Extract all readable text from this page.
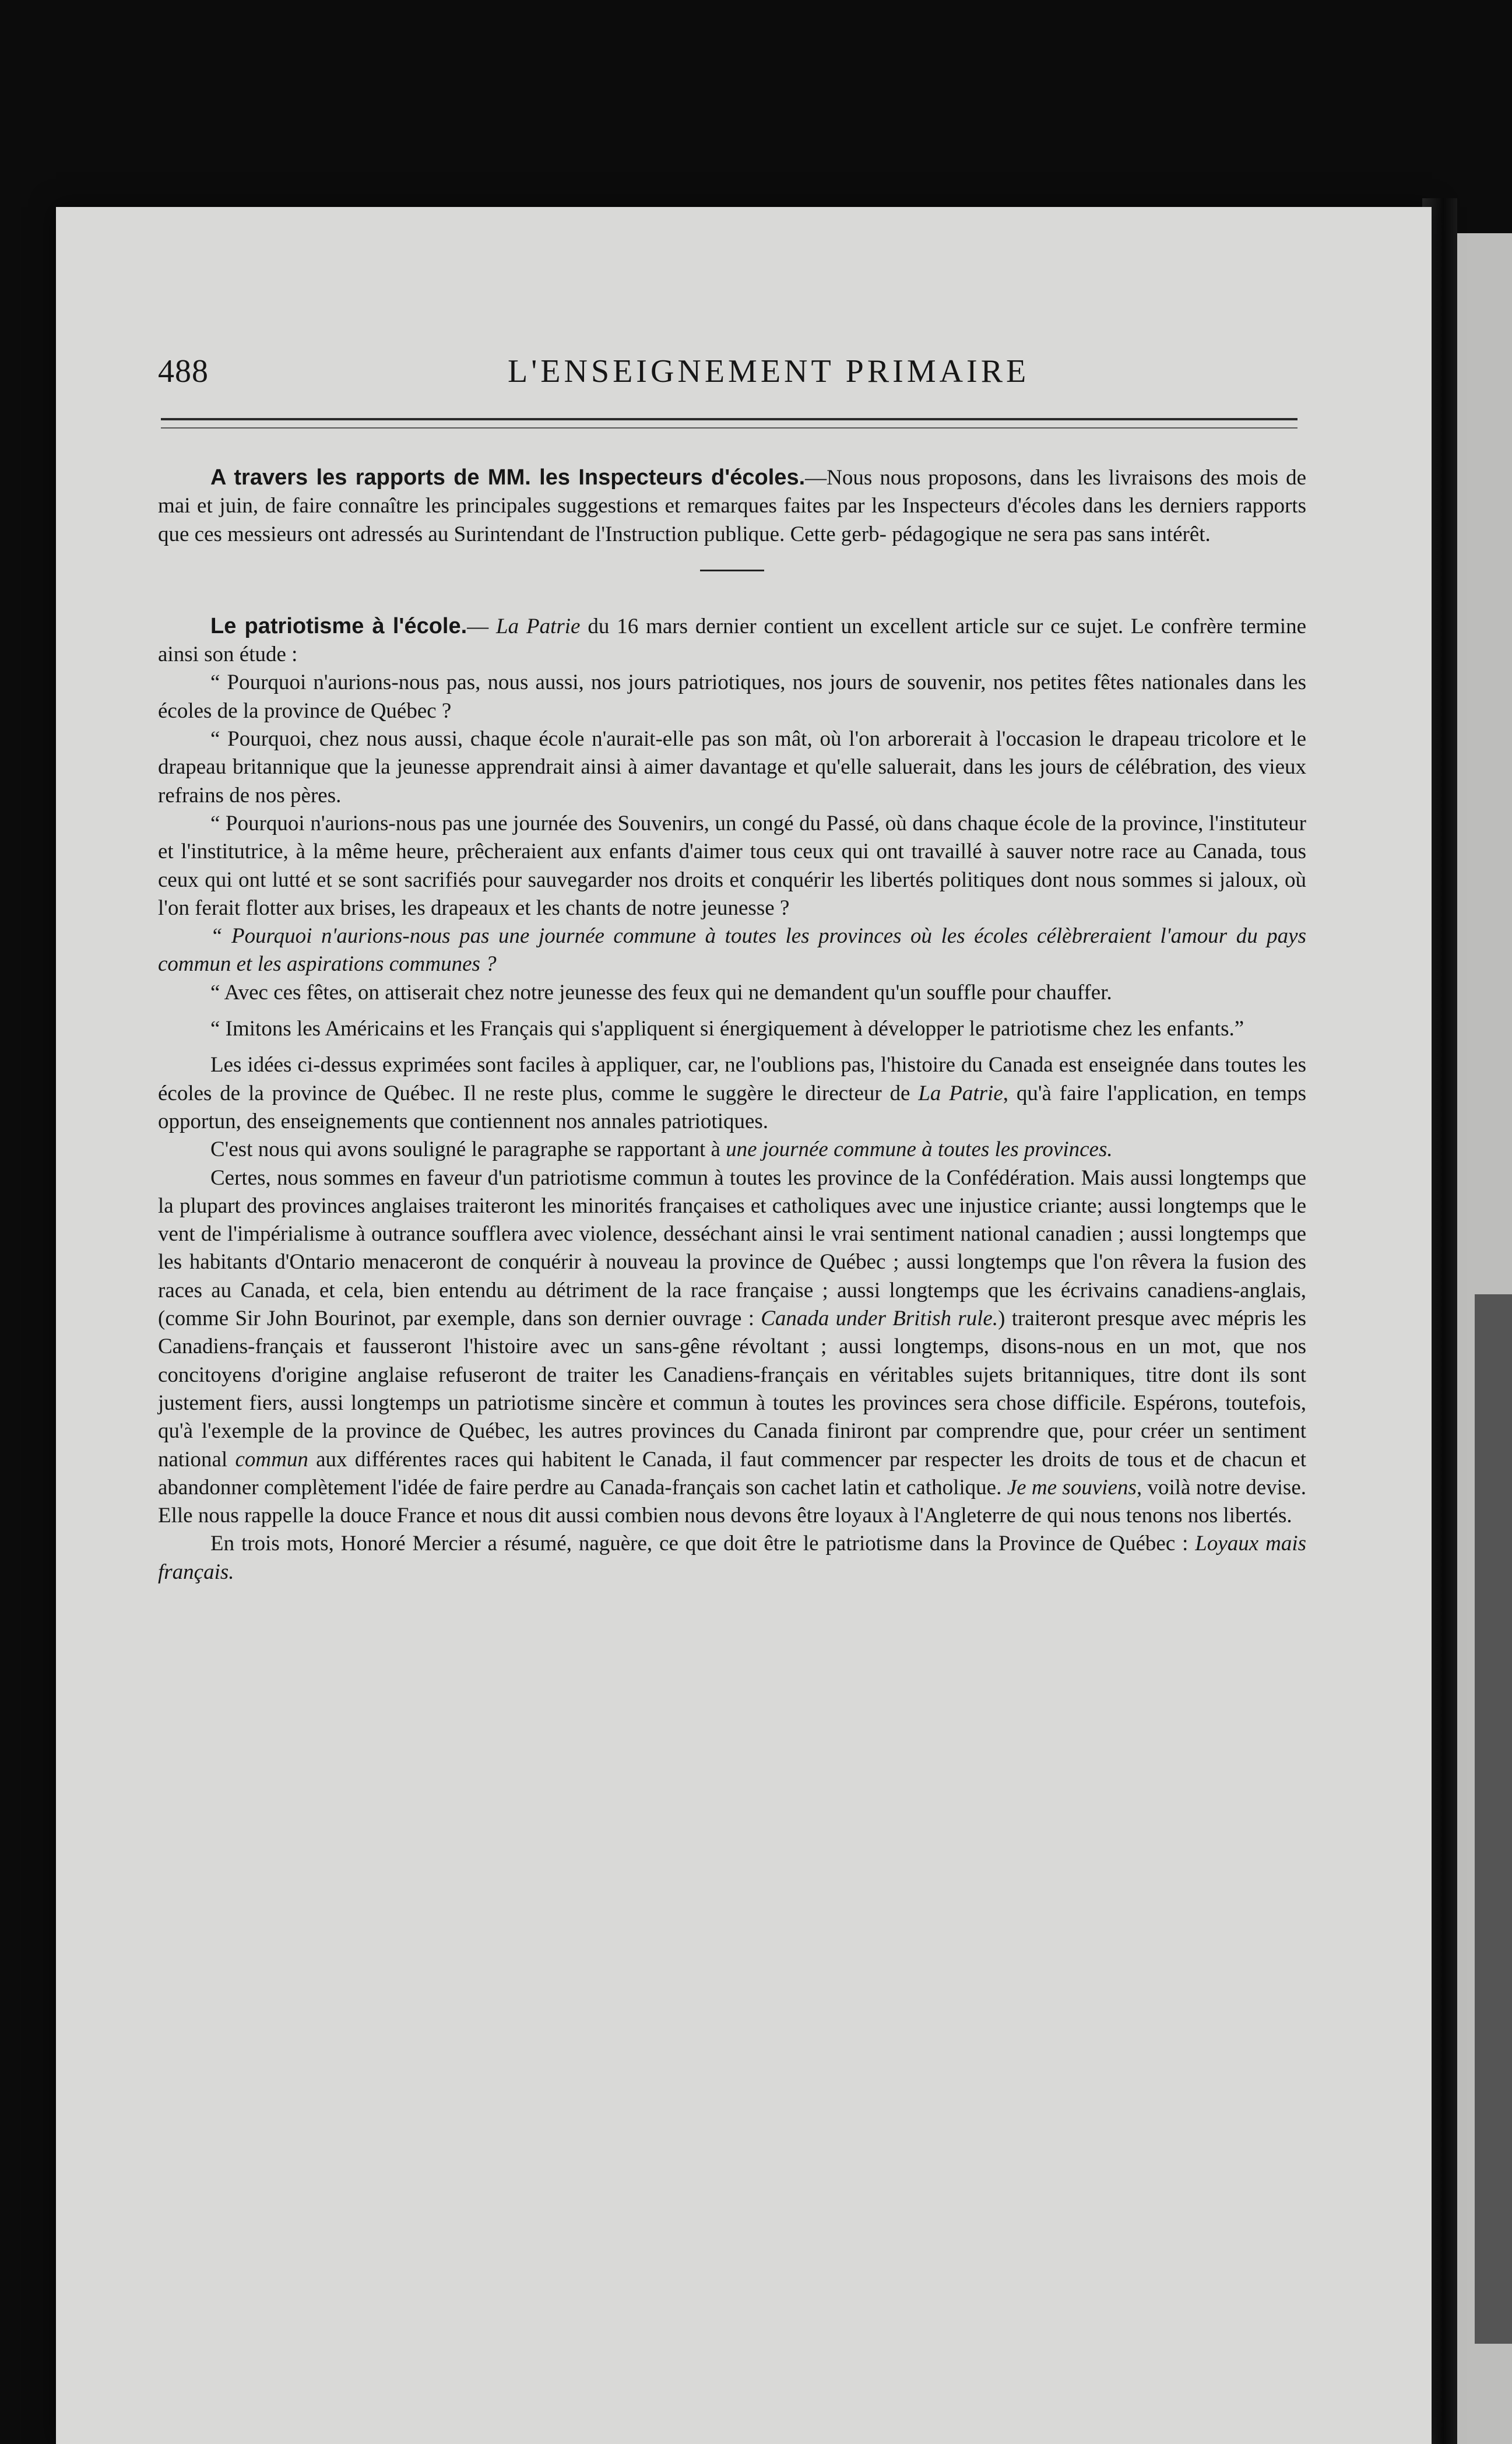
488	L'ENSEIGNEMENT PRIMAIRE

A travers les rapports de MM. les Inspecteurs d'écoles.—Nous nous proposons, dans les livraisons des mois de mai et juin, de faire connaître les principales suggestions et remarques faites par les Inspecteurs d'écoles dans les derniers rapports que ces messieurs ont adressés au Surintendant de l'Instruction publique. Cette gerb- pédagogique ne sera pas sans intérêt.

Le patriotisme à l'école.— La Patrie du 16 mars dernier contient un excellent article sur ce sujet. Le confrère termine ainsi son étude :

“ Pourquoi n'aurions-nous pas, nous aussi, nos jours patriotiques, nos jours de souvenir, nos petites fêtes nationales dans les écoles de la province de Québec ?

“ Pourquoi, chez nous aussi, chaque école n'aurait-elle pas son mât, où l'on arborerait à l'occasion le drapeau tricolore et le drapeau britannique que la jeunesse apprendrait ainsi à aimer davantage et qu'elle saluerait, dans les jours de célébration, des vieux refrains de nos pères.

“ Pourquoi n'aurions-nous pas une journée des Souvenirs, un congé du Passé, où dans chaque école de la province, l'instituteur et l'institutrice, à la même heure, prêcheraient aux enfants d'aimer tous ceux qui ont travaillé à sauver notre race au Canada, tous ceux qui ont lutté et se sont sacrifiés pour sauvegarder nos droits et conquérir les libertés politiques dont nous sommes si jaloux, où l'on ferait flotter aux brises, les drapeaux et les chants de notre jeunesse ?

“ Pourquoi n'aurions-nous pas une journée commune à toutes les provinces où les écoles célèbreraient l'amour du pays commun et les aspirations communes ?

“ Avec ces fêtes, on attiserait chez notre jeunesse des feux qui ne demandent qu'un souffle pour chauffer.

“ Imitons les Américains et les Français qui s'appliquent si énergiquement à développer le patriotisme chez les enfants.”

Les idées ci-dessus exprimées sont faciles à appliquer, car, ne l'oublions pas, l'histoire du Canada est enseignée dans toutes les écoles de la province de Québec. Il ne reste plus, comme le suggère le directeur de La Patrie, qu'à faire l'application, en temps opportun, des enseignements que contiennent nos annales patriotiques.

C'est nous qui avons souligné le paragraphe se rapportant à une journée commune à toutes les provinces.

Certes, nous sommes en faveur d'un patriotisme commun à toutes les province de la Confédération. Mais aussi longtemps que la plupart des provinces anglaises traiteront les minorités françaises et catholiques avec une injustice criante; aussi longtemps que le vent de l'impérialisme à outrance soufflera avec violence, desséchant ainsi le vrai sentiment national canadien ; aussi longtemps que les habitants d'Ontario menaceront de conquérir à nouveau la province de Québec ; aussi longtemps que l'on rêvera la fusion des races au Canada, et cela, bien entendu au détriment de la race française ; aussi longtemps que les écrivains canadiens-anglais, (comme Sir John Bourinot, par exemple, dans son dernier ouvrage : Canada under British rule.) traiteront presque avec mépris les Canadiens-français et fausseront l'histoire avec un sans-gêne révoltant ; aussi longtemps, disons-nous en un mot, que nos concitoyens d'origine anglaise refuseront de traiter les Canadiens-français en véritables sujets britanniques, titre dont ils sont justement fiers, aussi longtemps un patriotisme sincère et commun à toutes les provinces sera chose difficile. Espérons, toutefois, qu'à l'exemple de la province de Québec, les autres provinces du Canada finiront par comprendre que, pour créer un sentiment national commun aux différentes races qui habitent le Canada, il faut commencer par respecter les droits de tous et de chacun et abandonner complètement l'idée de faire perdre au Canada-français son cachet latin et catholique. Je me souviens, voilà notre devise. Elle nous rappelle la douce France et nous dit aussi combien nous devons être loyaux à l'Angleterre de qui nous tenons nos libertés.

En trois mots, Honoré Mercier a résumé, naguère, ce que doit être le patriotisme dans la Province de Québec : Loyaux mais français.
